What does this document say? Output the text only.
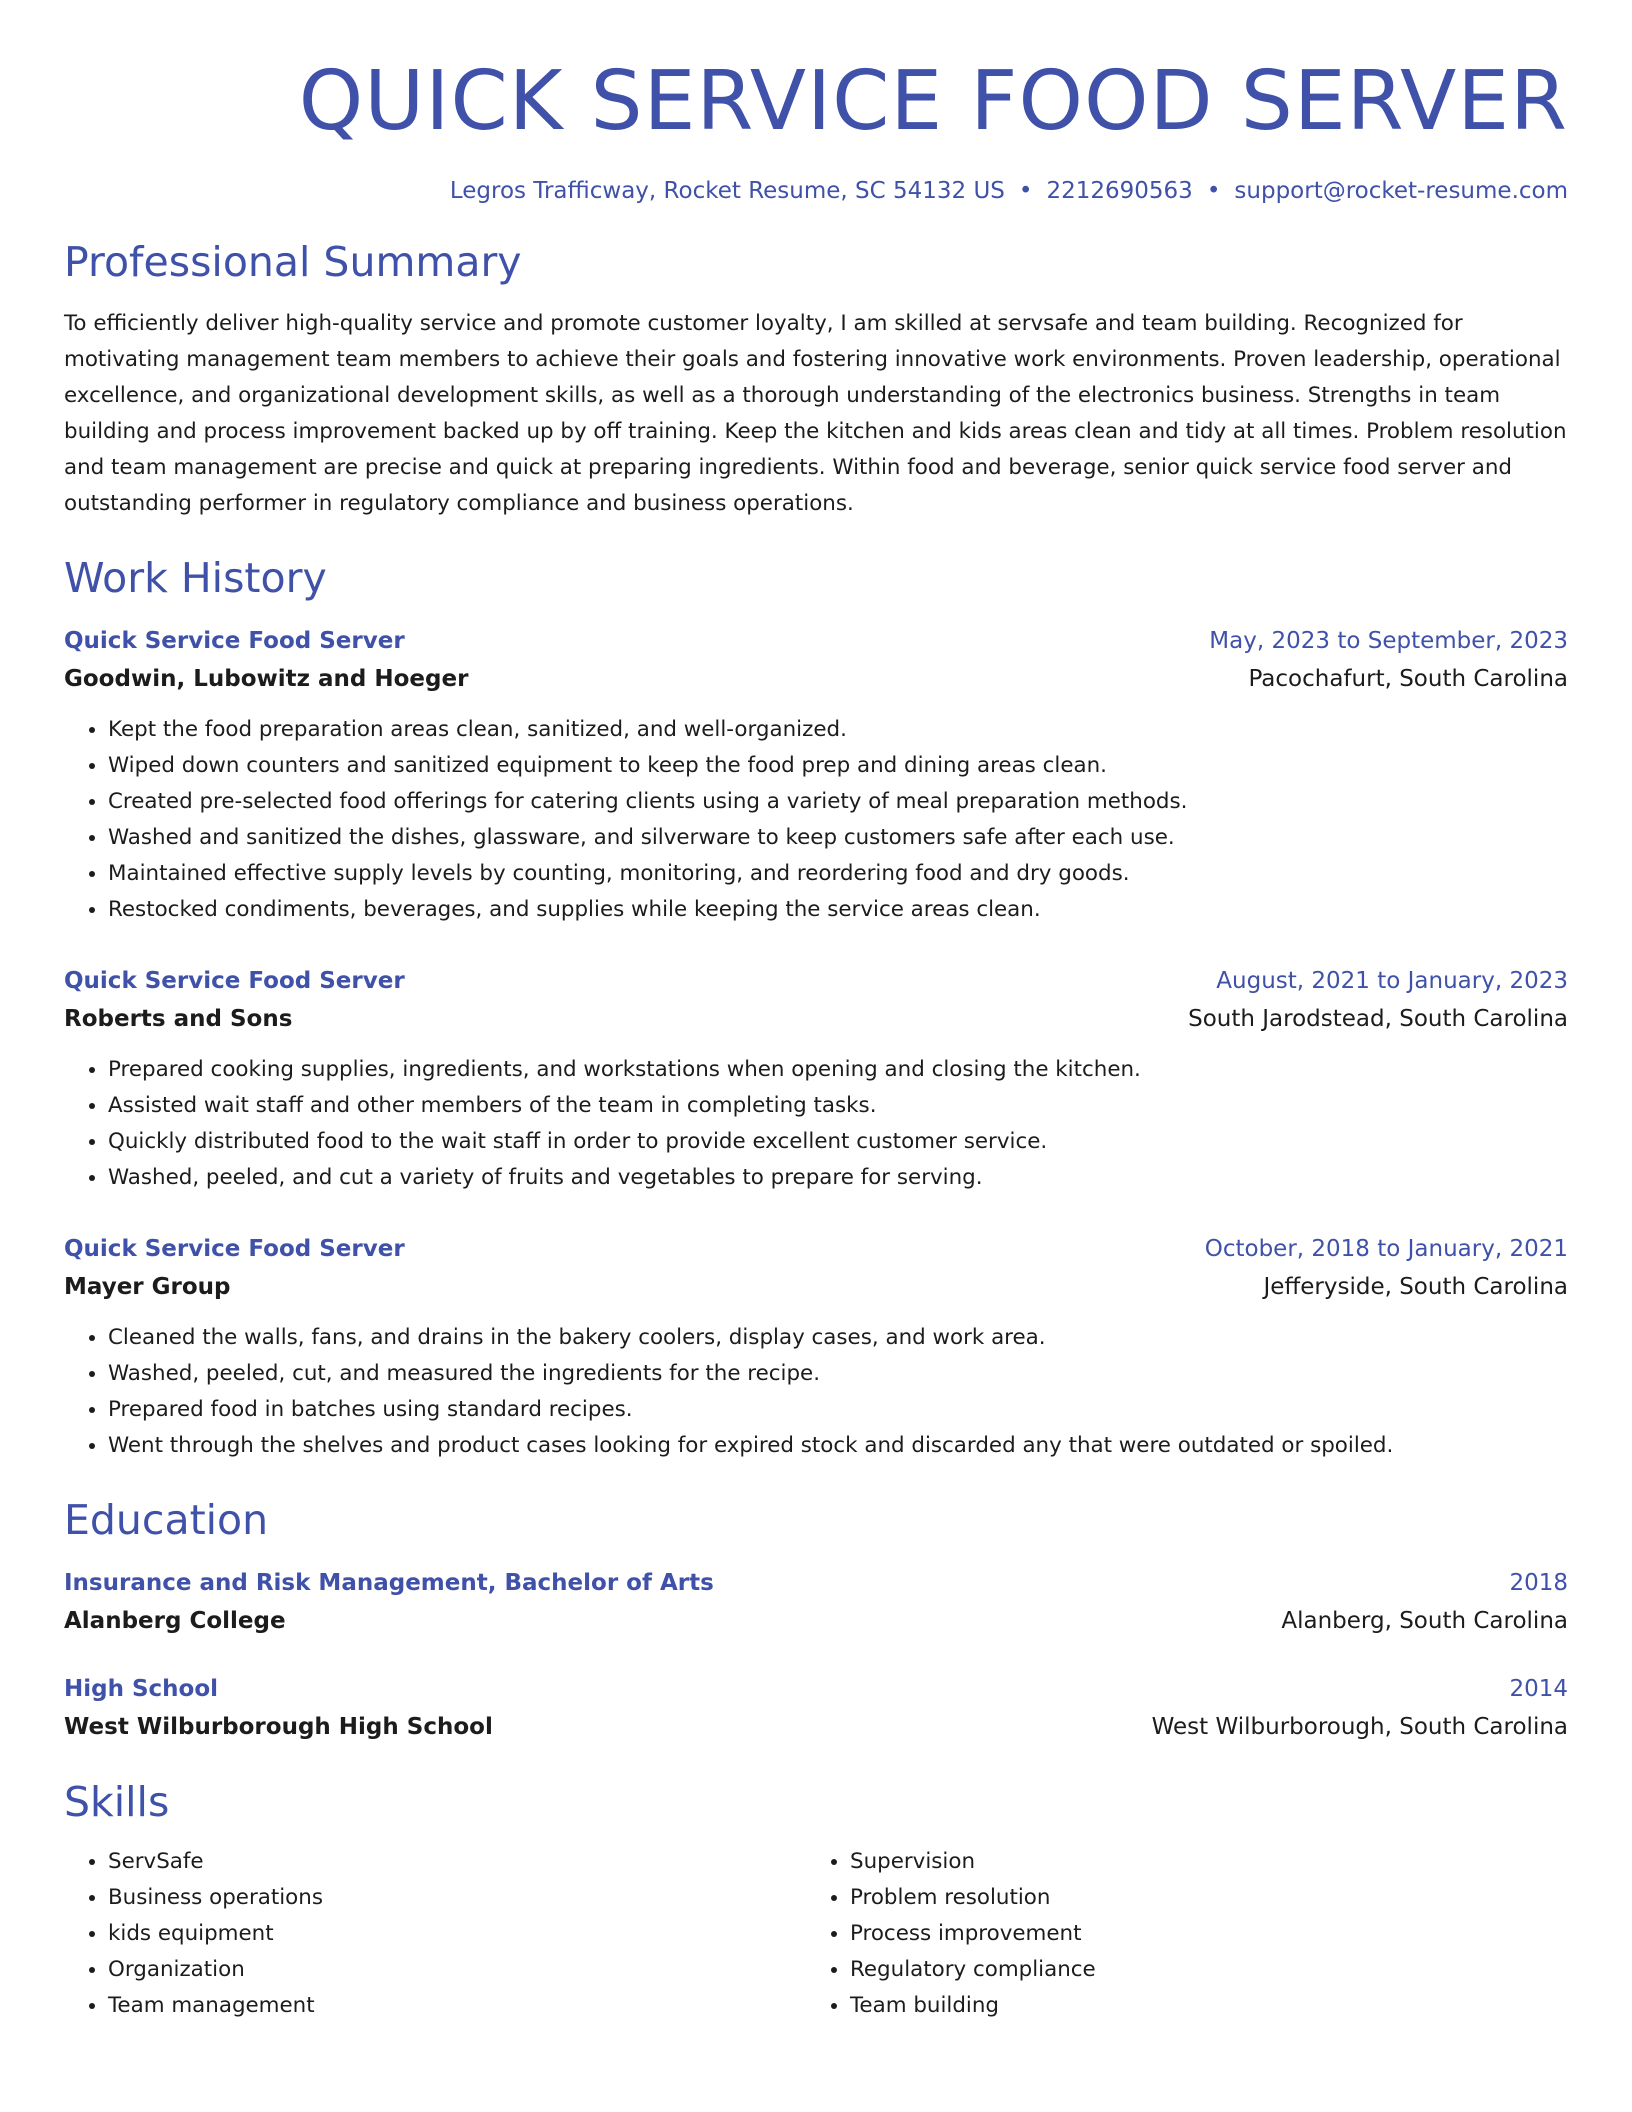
QUICK SERVICE FOOD SERVER
Legros Trafficway, Rocket Resume, SC 54132 US • 2212690563 • support@rocket-resume.com
Professional Summary

To efficiently deliver high-quality service and promote customer loyalty, I am skilled at servsafe and team building. Recognized for motivating management team members to achieve their goals and fostering innovative work environments. Proven leadership, operational excellence, and organizational development skills, as well as a thorough understanding of the electronics business. Strengths in team building and process improvement backed up by off training. Keep the kitchen and kids areas clean and tidy at all times. Problem resolution and team management are precise and quick at preparing ingredients. Within food and beverage, senior quick service food server and outstanding performer in regulatory compliance and business operations.

Work History
Quick Service Food Server	May, 2023 to September, 2023
Goodwin, Lubowitz and Hoeger	Pacochafurt, South Carolina
• Kept the food preparation areas clean, sanitized, and well-organized.
• Wiped down counters and sanitized equipment to keep the food prep and dining areas clean.
• Created pre-selected food offerings for catering clients using a variety of meal preparation methods.
• Washed and sanitized the dishes, glassware, and silverware to keep customers safe after each use.
• Maintained effective supply levels by counting, monitoring, and reordering food and dry goods.
• Restocked condiments, beverages, and supplies while keeping the service areas clean.
Quick Service Food Server	August, 2021 to January, 2023
Roberts and Sons	South Jarodstead, South Carolina
• Prepared cooking supplies, ingredients, and workstations when opening and closing the kitchen.
• Assisted wait staff and other members of the team in completing tasks.
• Quickly distributed food to the wait staff in order to provide excellent customer service.
• Washed, peeled, and cut a variety of fruits and vegetables to prepare for serving.
Quick Service Food Server	October, 2018 to January, 2021
Mayer Group	Jefferyside, South Carolina
• Cleaned the walls, fans, and drains in the bakery coolers, display cases, and work area.
• Washed, peeled, cut, and measured the ingredients for the recipe.
• Prepared food in batches using standard recipes.
• Went through the shelves and product cases looking for expired stock and discarded any that were outdated or spoiled.
Education
Insurance and Risk Management, Bachelor of Arts	2018
Alanberg College	Alanberg, South Carolina
High School	2014
West Wilburborough High School	West Wilburborough, South Carolina
Skills
• ServSafe
• Business operations
• kids equipment
• Organization
• Team management
• Supervision
• Problem resolution
• Process improvement
• Regulatory compliance
• Team building
